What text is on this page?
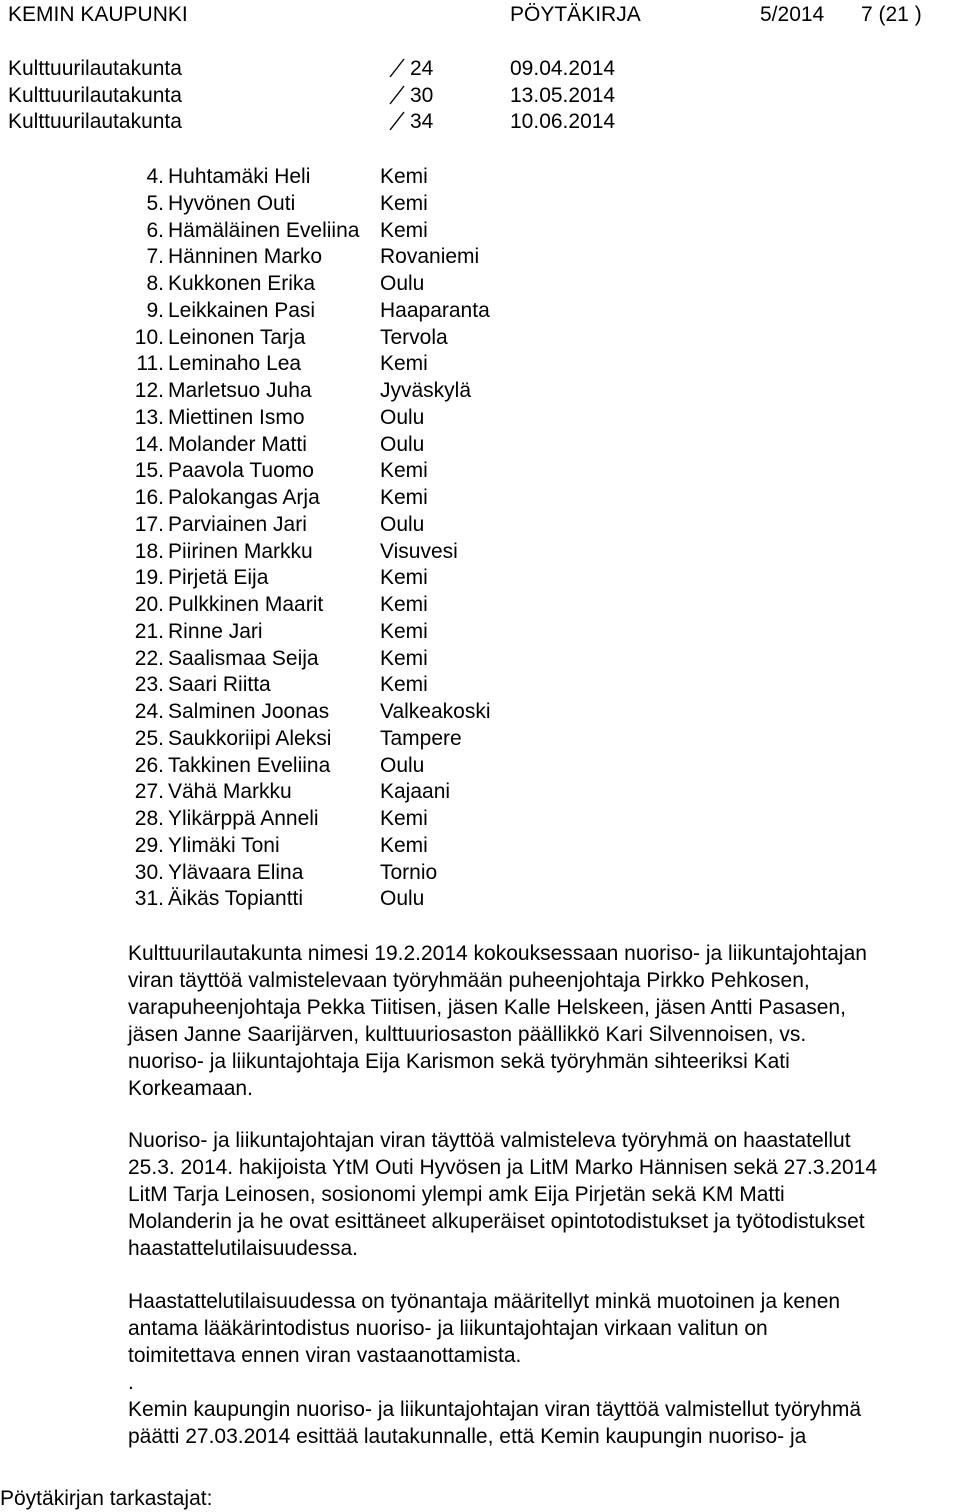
KEMIN KAUPUNKI	PÖYTÄKIRJA	5/2014 7 (21 )
Kulttuurilautakunta	24	09.04.2014
Kulttuurilautakunta	30	13.05.2014
Kulttuurilautakunta	34	10.06.2014
4. Huhtamäki Heli	Kemi
5. Hyvönen Outi	Kemi
6. Hämäläinen Eveliina Kemi
7. Hänninen Marko	Rovaniemi
8. Kukkonen Erika	Oulu
9. Leikkainen Pasi	Haaparanta
10. Leinonen Tarja	Tervola
11. Leminaho Lea	Kemi
12. Marletsuo Juha	Jyväskylä
13. Miettinen Ismo	Oulu
14. Molander Matti	Oulu
15. Paavola Tuomo	Kemi
16. Palokangas Arja	Kemi
17. Parviainen Jari	Oulu
18. Piirinen Markku	Visuvesi
19. Pirjetä Eija	Kemi
20. Pulkkinen Maarit	Kemi
21. Rinne Jari	Kemi
22. Saalismaa Seija	Kemi
23. Saari Riitta	Kemi
24. Salminen Joonas Valkeakoski
25. Saukkoriipi Aleksi Tampere
26. Takkinen Eveliina Oulu
27. Vähä Markku	Kajaani
28. Ylikärppä Anneli	Kemi
29. Ylimäki Toni	Kemi
30. Ylävaara Elina	Tornio
31. Äikäs Topiantti	Oulu
Kulttuurilautakunta nimesi 19.2.2014 kokouksessaan nuoriso- ja liikuntajohtajan
viran täyttöä valmistelevaan työryhmään puheenjohtaja Pirkko Pehkosen,
varapuheenjohtaja Pekka Tiitisen, jäsen Kalle Helskeen, jäsen Antti Pasasen,
jäsen Janne Saarijärven, kulttuuriosaston päällikkö Kari Silvennoisen, vs.
nuoriso- ja liikuntajohtaja Eija Karismon sekä työryhmän sihteeriksi Kati
Korkeamaan.
Nuoriso- ja liikuntajohtajan viran täyttöä valmisteleva työryhmä on haastatellut
25.3. 2014. hakijoista YtM Outi Hyvösen ja LitM Marko Hännisen sekä 27.3.2014
LitM Tarja Leinosen, sosionomi ylempi amk Eija Pirjetän sekä KM Matti
Molanderin ja he ovat esittäneet alkuperäiset opintotodistukset ja työtodistukset
haastattelutilaisuudessa.
Haastattelutilaisuudessa on työnantaja määritellyt minkä muotoinen ja kenen
antama lääkärintodistus nuoriso- ja liikuntajohtajan virkaan valitun on
toimitettava ennen viran vastaanottamista.
.
Kemin kaupungin nuoriso- ja liikuntajohtajan viran täyttöä valmistellut työryhmä
päätti 27.03.2014 esittää lautakunnalle, että Kemin kaupungin nuoriso- ja
Pöytäkirjan tarkastajat:
